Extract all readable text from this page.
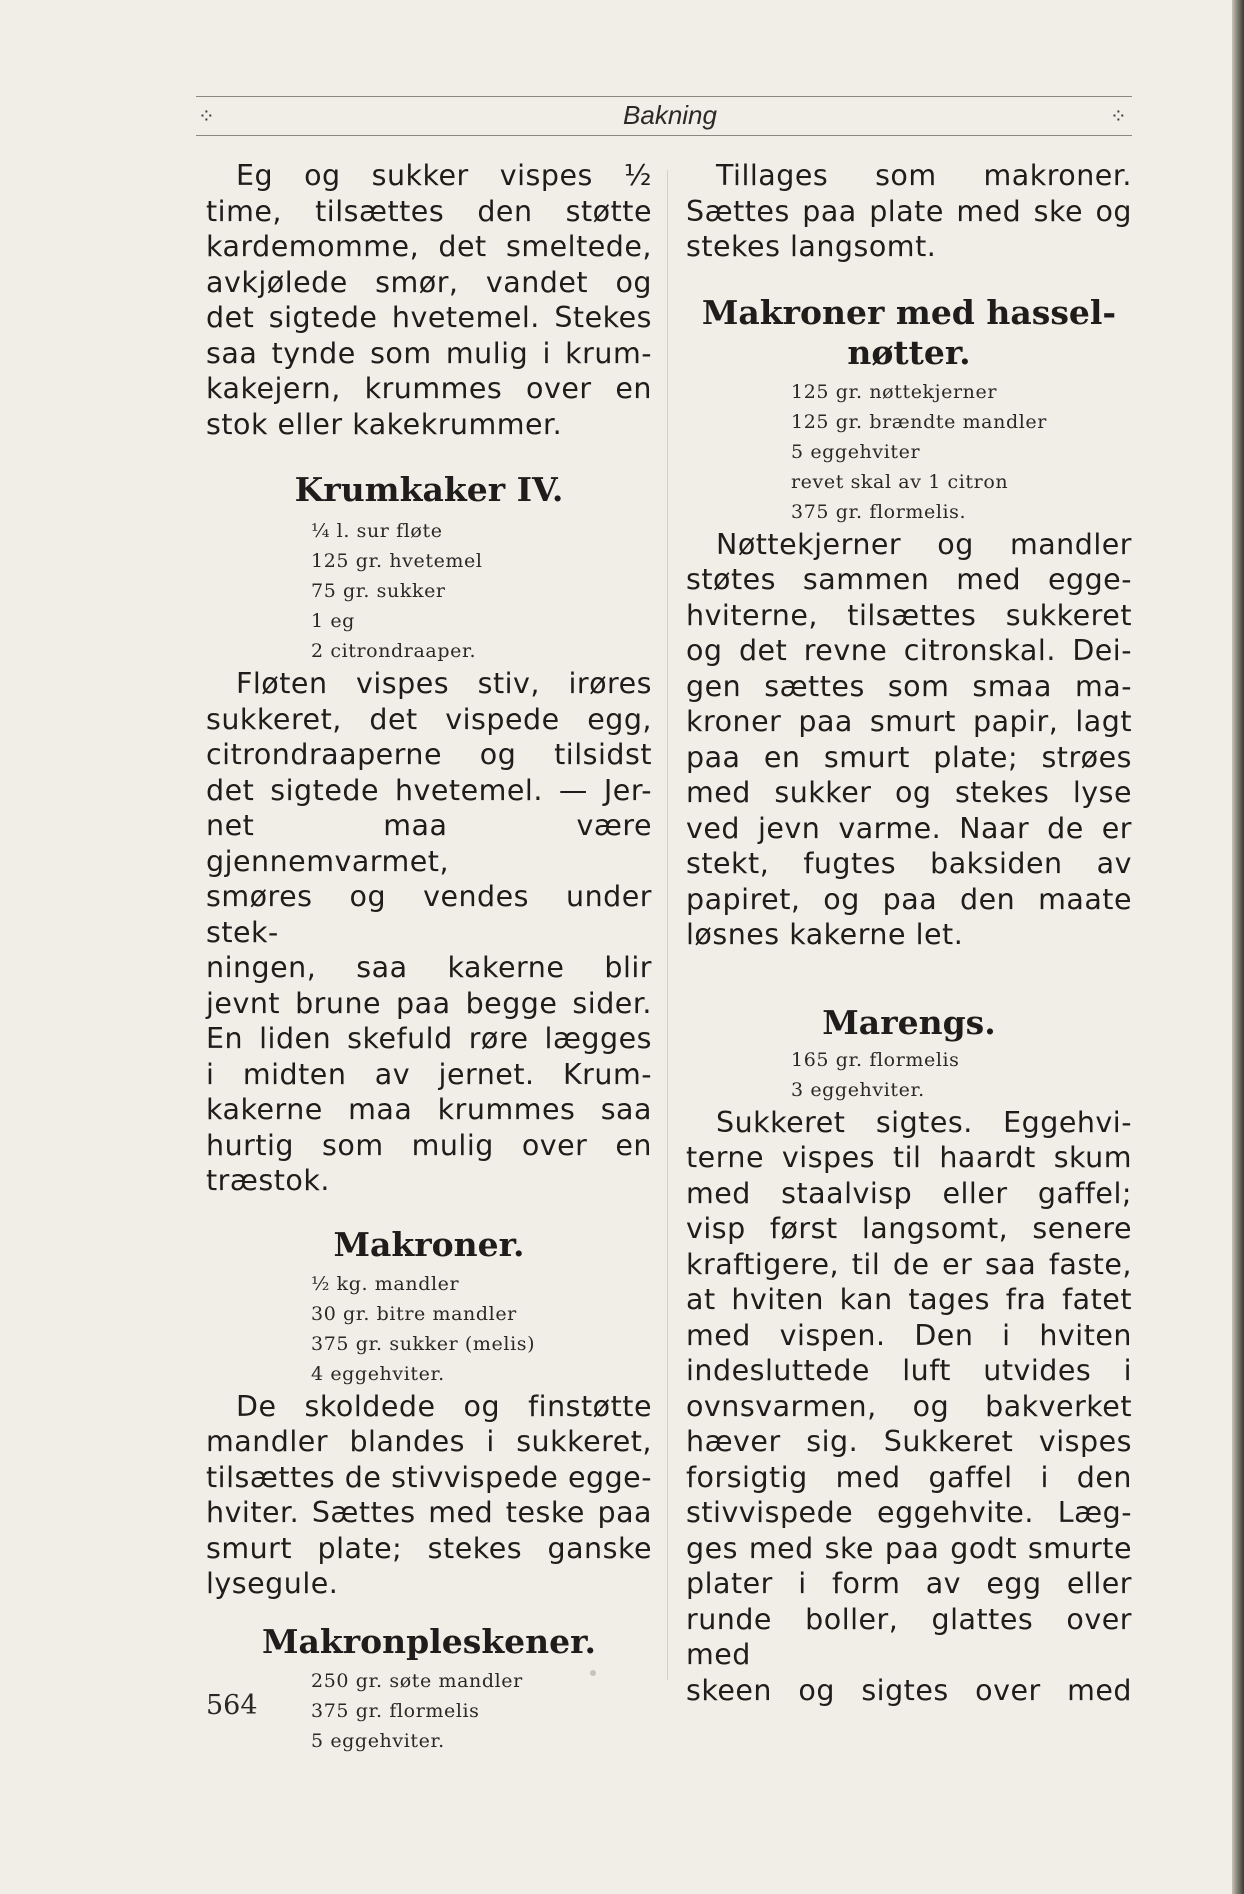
⁘	Bakning	⁘

Eg og sukker vispes ½

time, tilsættes den støtte

kardemomme, det smeltede,

avkjølede smør, vandet og

det sigtede hvetemel. Stekes

saa tynde som mulig i krum-

kakejern, krummes over en

stok eller kakekrummer.

Krumkaker IV.

¼ l. sur fløte

125 gr. hvetemel

75 gr. sukker

1 eg

2 citrondraaper.

Fløten vispes stiv, irøres

sukkeret, det vispede egg,

citrondraaperne og tilsidst

det sigtede hvetemel. — Jer-

net maa være gjennemvarmet,

smøres og vendes under stek-

ningen, saa kakerne blir

jevnt brune paa begge sider.

En liden skefuld røre lægges

i midten av jernet. Krum-

kakerne maa krummes saa

hurtig som mulig over en

træstok.

Makroner.

½ kg. mandler

30 gr. bitre mandler

375 gr. sukker (melis)

4 eggehviter.

De skoldede og finstøtte

mandler blandes i sukkeret,

tilsættes de stivvispede egge-

hviter. Sættes med teske paa

smurt plate; stekes ganske

lysegule.

Makronpleskener.

250 gr. søte mandler

375 gr. flormelis

5 eggehviter.

Tillages som makroner.

Sættes paa plate med ske og

stekes langsomt.

Makroner med hassel-
nøtter.

125 gr. nøttekjerner

125 gr. brændte mandler

5 eggehviter

revet skal av 1 citron

375 gr. flormelis.

Nøttekjerner og mandler

støtes sammen med egge-

hviterne, tilsættes sukkeret

og det revne citronskal. Dei-

gen sættes som smaa ma-

kroner paa smurt papir, lagt

paa en smurt plate; strøes

med sukker og stekes lyse

ved jevn varme. Naar de er

stekt, fugtes baksiden av

papiret, og paa den maate

løsnes kakerne let.

Marengs.

165 gr. flormelis

3 eggehviter.

Sukkeret sigtes. Eggehvi-

terne vispes til haardt skum

med staalvisp eller gaffel;

visp først langsomt, senere

kraftigere, til de er saa faste,

at hviten kan tages fra fatet

med vispen. Den i hviten

indesluttede luft utvides i

ovnsvarmen, og bakverket

hæver sig. Sukkeret vispes

forsigtig med gaffel i den

stivvispede eggehvite. Læg-

ges med ske paa godt smurte

plater i form av egg eller

runde boller, glattes over med

skeen og sigtes over med

564
